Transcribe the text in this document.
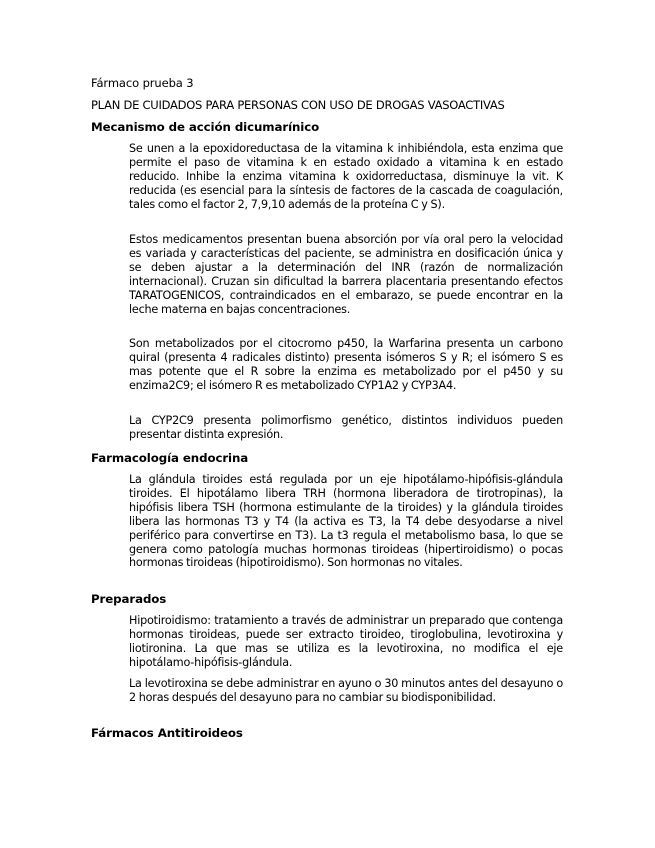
Fármaco prueba 3
PLAN DE CUIDADOS PARA PERSONAS CON USO DE DROGAS VASOACTIVAS
Mecanismo de acción dicumarínico
Se unen a la epoxidoreductasa de la vitamina k inhibiéndola, esta enzima que permite el paso de vitamina k en estado oxidado a vitamina k en estado reducido. Inhibe la enzima vitamina k oxidorreductasa, disminuye la vit. K reducida (es esencial para la síntesis de factores de la cascada de coagulación, tales como el factor 2, 7,9,10 además de la proteína C y S).
Estos medicamentos presentan buena absorción por vía oral pero la velocidad es variada y características del paciente, se administra en dosificación única y se deben ajustar a la determinación del INR (razón de normalización internacional). Cruzan sin dificultad la barrera placentaria presentando efectos TARATOGENICOS, contraindicados en el embarazo, se puede encontrar en la leche materna en bajas concentraciones.
Son metabolizados por el citocromo p450, la Warfarina presenta un carbono quiral (presenta 4 radicales distinto) presenta isómeros S y R; el isómero S es mas potente que el R sobre la enzima es metabolizado por el p450 y su enzima2C9; el isómero R es metabolizado CYP1A2 y CYP3A4.
La CYP2C9 presenta polimorfismo genético, distintos individuos pueden presentar distinta expresión.
Farmacología endocrina
La glándula tiroides está regulada por un eje hipotálamo-hipófisis-glándula tiroides. El hipotálamo libera TRH (hormona liberadora de tirotropinas), la hipófisis libera TSH (hormona estimulante de la tiroides) y la glándula tiroides libera las hormonas T3 y T4 (la activa es T3, la T4 debe desyodarse a nivel periférico para convertirse en T3). La t3 regula el metabolismo basa, lo que se genera como patología muchas hormonas tiroideas (hipertiroidismo) o pocas hormonas tiroideas (hipotiroidismo). Son hormonas no vitales.
Preparados
Hipotiroidismo: tratamiento a través de administrar un preparado que contenga hormonas tiroideas, puede ser extracto tiroideo, tiroglobulina, levotiroxina y liotironina. La que mas se utiliza es la levotiroxina, no modifica el eje hipotálamo-hipófisis-glándula.
La levotiroxina se debe administrar en ayuno o 30 minutos antes del desayuno o 2 horas después del desayuno para no cambiar su biodisponibilidad.
Fármacos Antitiroideos
